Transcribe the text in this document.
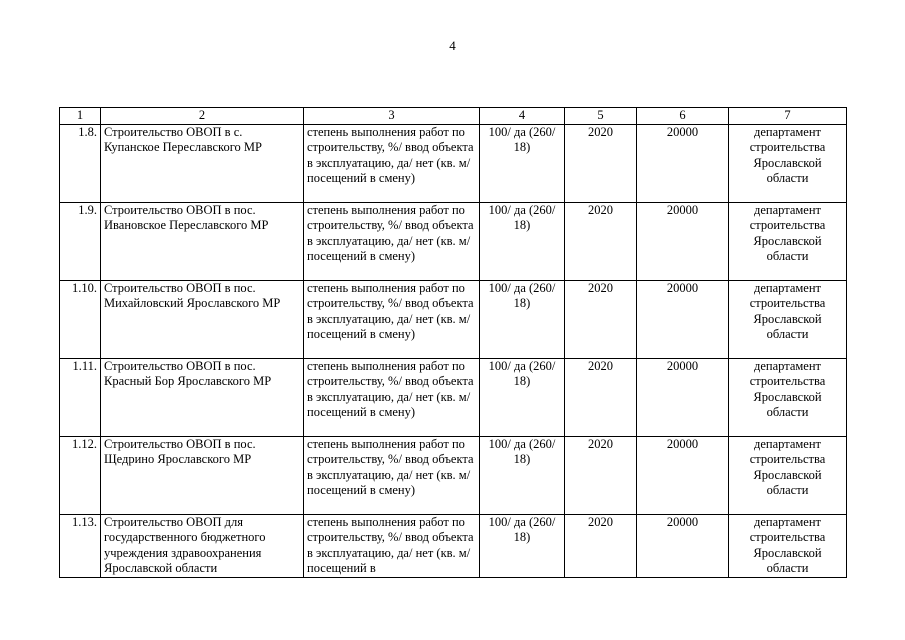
4
1	2	3	4	5	6	7
1.8.	Строительство ОВОП в с. Купанское Переславского МР	степень выполнения работ по строительству, %/ ввод объекта в эксплуатацию, да/ нет (кв. м/ посещений в смену)	100/ да (260/ 18)	2020	20000	департамент строительства Ярославской области
1.9.	Строительство ОВОП в пос. Ивановское Переславского МР	степень выполнения работ по строительству, %/ ввод объекта в эксплуатацию, да/ нет (кв. м/ посещений в смену)	100/ да (260/ 18)	2020	20000	департамент строительства Ярославской области
1.10.	Строительство ОВОП в пос. Михайловский Ярославского МР	степень выполнения работ по строительству, %/ ввод объекта в эксплуатацию, да/ нет (кв. м/ посещений в смену)	100/ да (260/ 18)	2020	20000	департамент строительства Ярославской области
1.11.	Строительство ОВОП в пос. Красный Бор Ярославского МР	степень выполнения работ по строительству, %/ ввод объекта в эксплуатацию, да/ нет (кв. м/ посещений в смену)	100/ да (260/ 18)	2020	20000	департамент строительства Ярославской области
1.12.	Строительство ОВОП в пос. Щедрино Ярославского МР	степень выполнения работ по строительству, %/ ввод объекта в эксплуатацию, да/ нет (кв. м/ посещений в смену)	100/ да (260/ 18)	2020	20000	департамент строительства Ярославской области
1.13.	Строительство ОВОП для государственного бюджетного учреждения здравоохранения Ярославской области	степень выполнения работ по строительству, %/ ввод объекта в эксплуатацию, да/ нет (кв. м/ посещений в	100/ да (260/ 18)	2020	20000	департамент строительства Ярославской области
